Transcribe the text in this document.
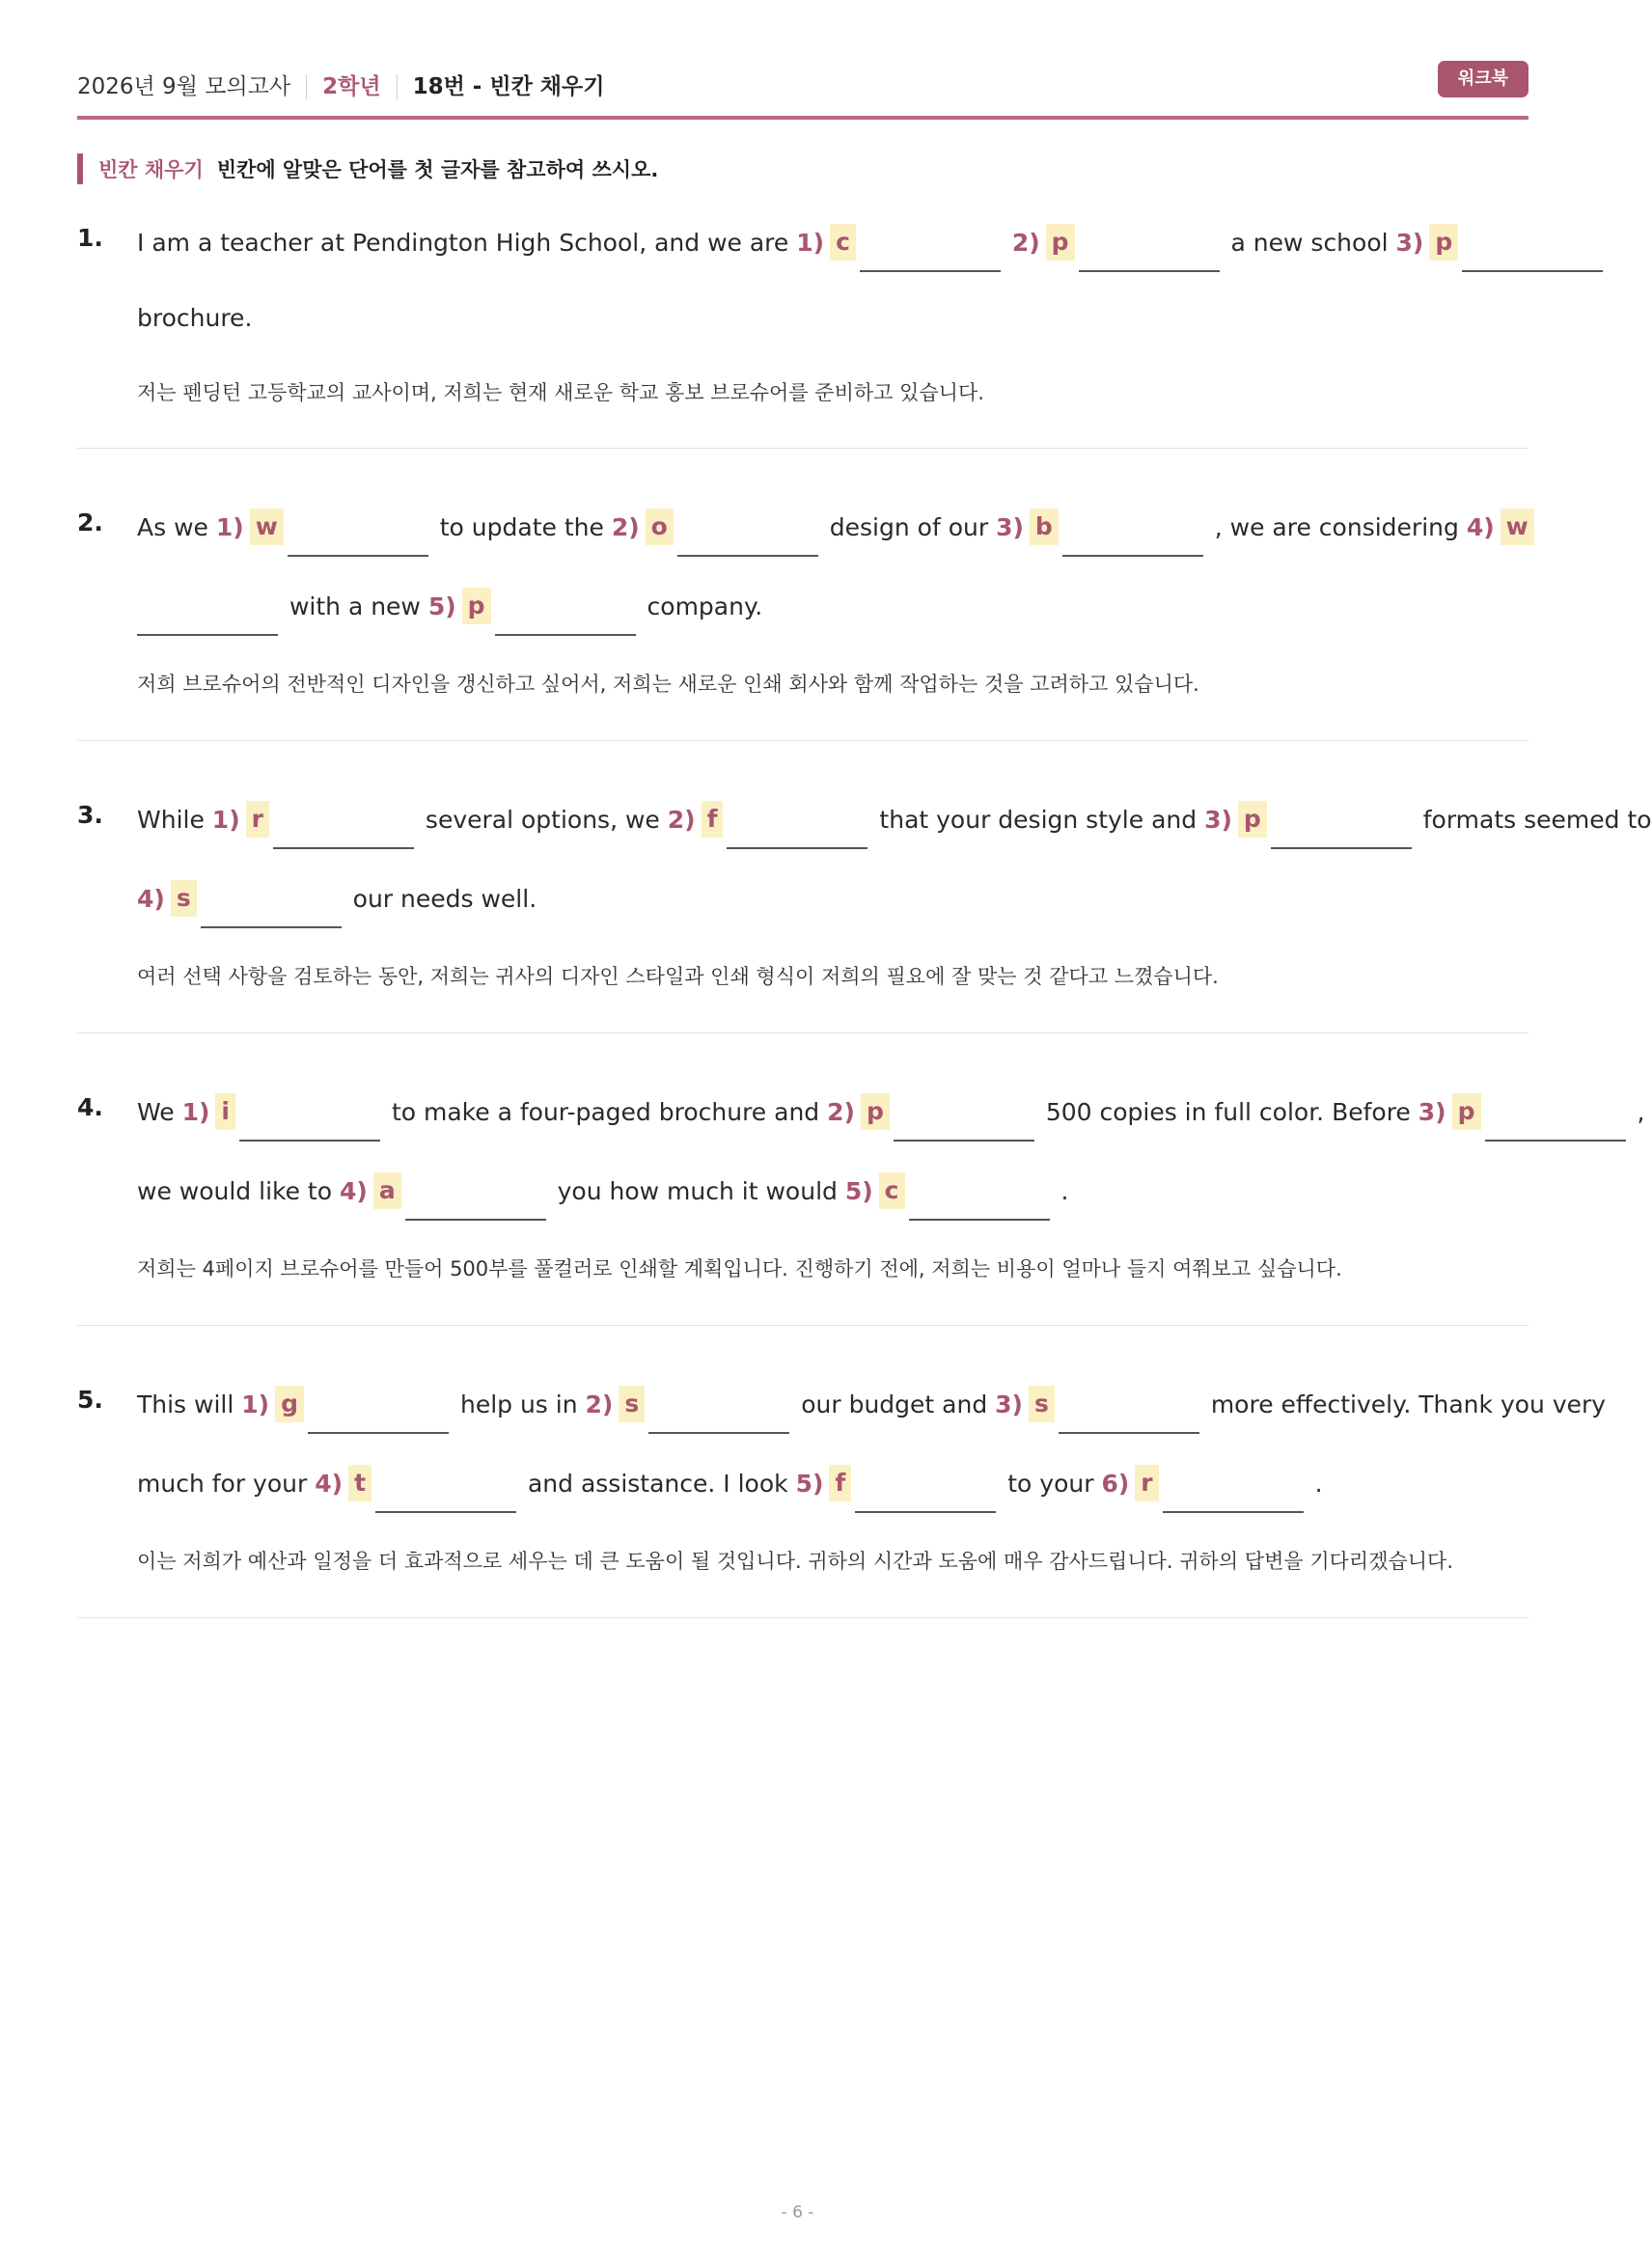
2026년 9월 모의고사 2학년 18번 - 빈칸 채우기	워크북
빈칸 채우기 빈칸에 알맞은 단어를 첫 글자를 참고하여 쓰시오.
1. I am a teacher at Pendington High School, and we are 1) c	2) p	a new school 3) p
brochure.
저는 펜딩턴 고등학교의 교사이며, 저희는 현재 새로운 학교 홍보 브로슈어를 준비하고 있습니다.
2. As we 1) w	to update the 2) o	design of our 3) b	, we are considering 4) w
with a new 5) p	company.
저희 브로슈어의 전반적인 디자인을 갱신하고 싶어서, 저희는 새로운 인쇄 회사와 함께 작업하는 것을 고려하고 있습니다.
3. While 1) r	several options, we 2) f	that your design style and 3) p	formats seemed to
4) s	our needs well.
여러 선택 사항을 검토하는 동안, 저희는 귀사의 디자인 스타일과 인쇄 형식이 저희의 필요에 잘 맞는 것 같다고 느꼈습니다.
4. We 1) i	to make a four-paged brochure and 2) p	500 copies in full color. Before 3) p	,
we would like to 4) a	you how much it would 5) c	.
저희는 4페이지 브로슈어를 만들어 500부를 풀컬러로 인쇄할 계획입니다. 진행하기 전에, 저희는 비용이 얼마나 들지 여쭤보고 싶습니다.
5. This will 1) g	help us in 2) s	our budget and 3) s	more effectively. Thank you very
much for your 4) t	and assistance. I look 5) f	to your 6) r	.
이는 저희가 예산과 일정을 더 효과적으로 세우는 데 큰 도움이 될 것입니다. 귀하의 시간과 도움에 매우 감사드립니다. 귀하의 답변을 기다리겠습니다.
- 6 -
